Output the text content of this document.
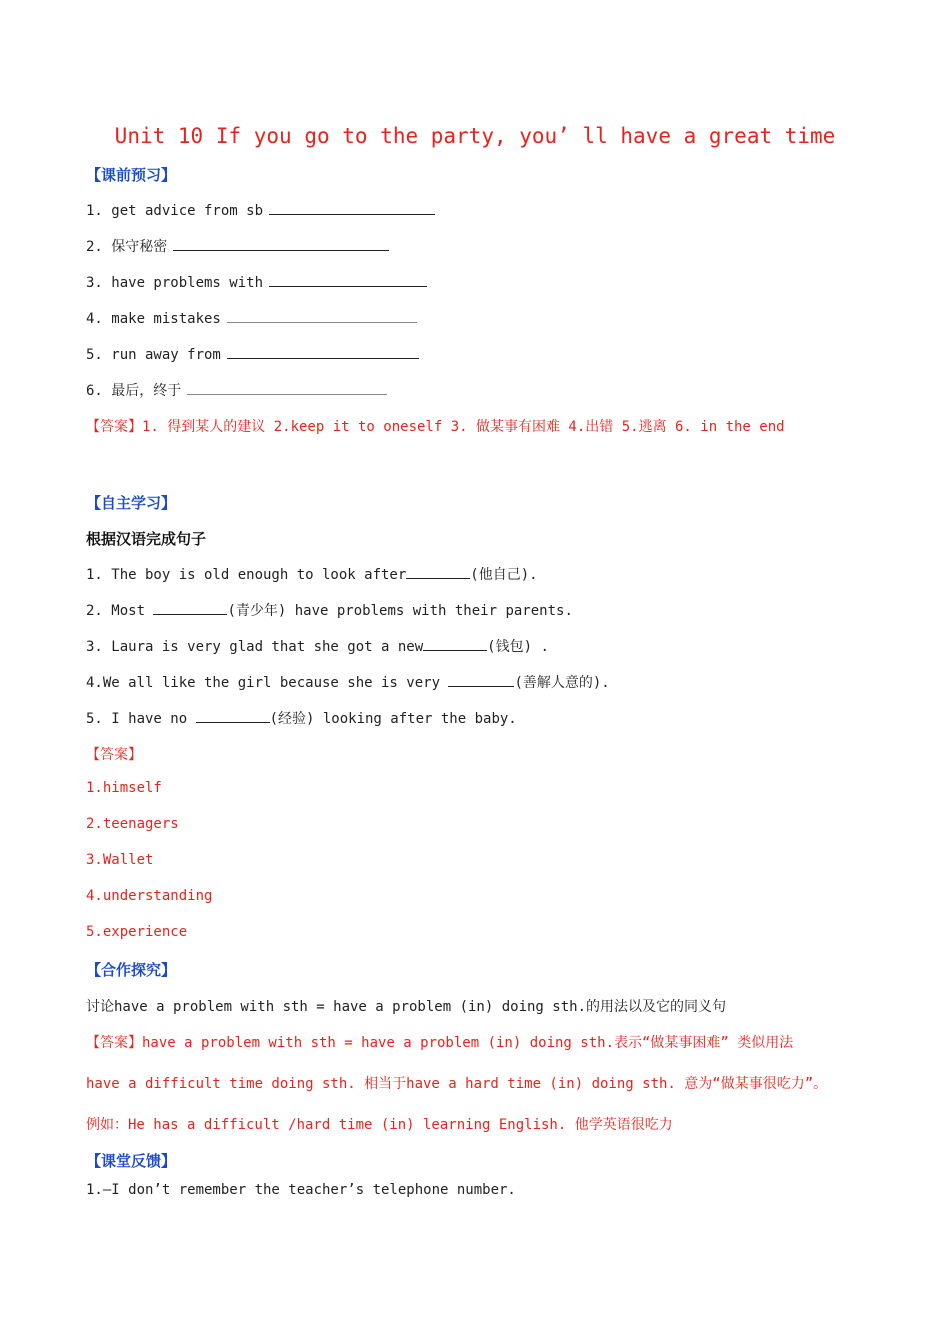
Unit 10 If you go to the party, you’ ll have a great time
【课前预习】
1. get advice from sb
2. 保守秘密
3. have problems with
4. make mistakes
5. run away from
6. 最后，终于
【答案】1. 得到某人的建议 2.keep it to oneself 3. 做某事有困难 4.出错 5.逃离 6. in the end
【自主学习】
根据汉语完成句子
1. The boy is old enough to look after	(他自己).
2. Most	(青少年) have problems with their parents.
3. Laura is very glad that she got a new	(钱包) .
4.We all like the girl because she is very	(善解人意的).
5. I have no	(经验) looking after the baby.
【答案】
1.himself
2.teenagers
3.Wallet
4.understanding
5.experience
【合作探究】
讨论have a problem with sth = have a problem (in) doing sth.的用法以及它的同义句
【答案】have a problem with sth = have a problem (in) doing sth.表示“做某事困难” 类似用法
have a difficult time doing sth. 相当于have a hard time (in) doing sth. 意为“做某事很吃力”。
例如：He has a difficult /hard time (in) learning English. 他学英语很吃力
【课堂反馈】
1.—I don’t remember the teacher’s telephone number.
